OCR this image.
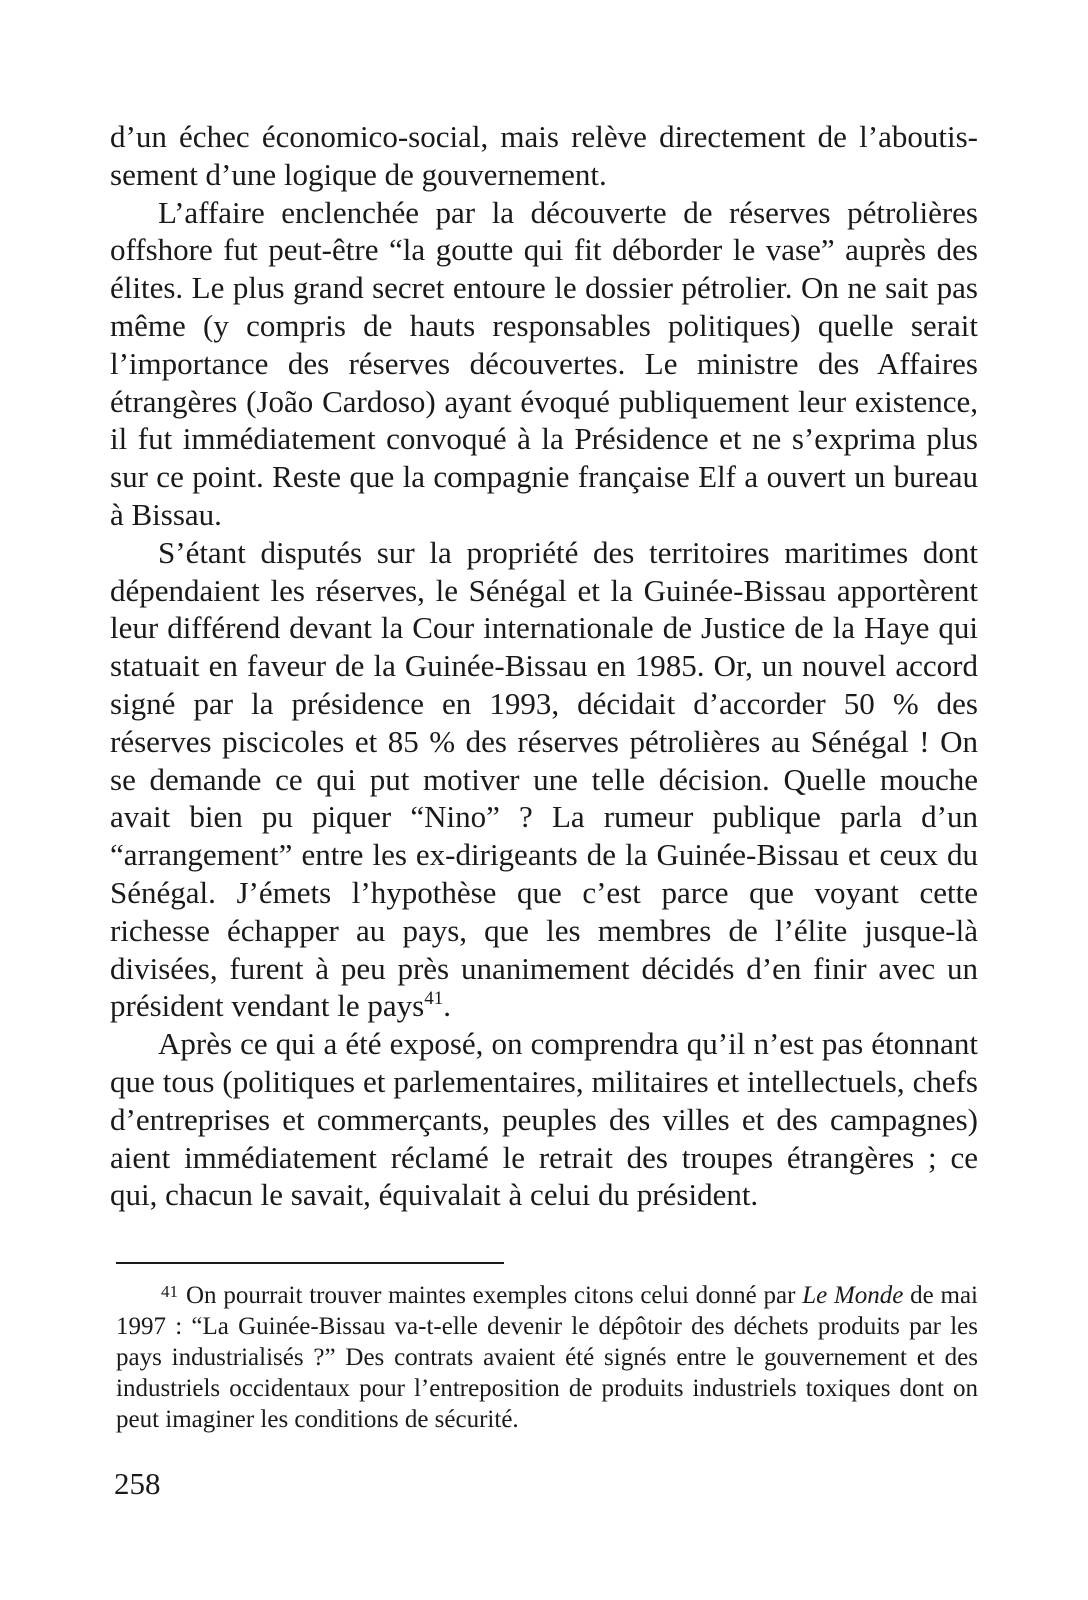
d’un échec économico-social, mais relève directement de l’aboutissement d’une logique de gouvernement.

L’affaire enclenchée par la découverte de réserves pétrolières offshore fut peut-être “la goutte qui fit déborder le vase” auprès des élites. Le plus grand secret entoure le dossier pétrolier. On ne sait pas même (y compris de hauts responsables politiques) quelle serait l’importance des réserves découvertes. Le ministre des Affaires étrangères (João Cardoso) ayant évoqué publiquement leur existence, il fut immédiatement convoqué à la Présidence et ne s’exprima plus sur ce point. Reste que la compagnie française Elf a ouvert un bureau à Bissau.

S’étant disputés sur la propriété des territoires maritimes dont dépendaient les réserves, le Sénégal et la Guinée-Bissau apportèrent leur différend devant la Cour internationale de Justice de la Haye qui statuait en faveur de la Guinée-Bissau en 1985. Or, un nouvel accord signé par la présidence en 1993, décidait d’accorder 50 % des réserves piscicoles et 85 % des réserves pétrolières au Sénégal ! On se demande ce qui put motiver une telle décision. Quelle mouche avait bien pu piquer “Nino” ? La rumeur publique parla d’un “arrangement” entre les ex-dirigeants de la Guinée-Bissau et ceux du Sénégal. J’émets l’hypothèse que c’est parce que voyant cette richesse échapper au pays, que les membres de l’élite jusque-là divisées, furent à peu près unanimement décidés d’en finir avec un président vendant le pays$^{41}$.

Après ce qui a été exposé, on comprendra qu’il n’est pas étonnant que tous (politiques et parlementaires, militaires et intellectuels, chefs d’entreprises et commerçants, peuples des villes et des campagnes) aient immédiatement réclamé le retrait des troupes étrangères ; ce qui, chacun le savait, équivalait à celui du président.

$^{41}$ On pourrait trouver maintes exemples citons celui donné par Le Monde de mai 1997 : “La Guinée-Bissau va-t-elle devenir le dépôtoir des déchets produits par les pays industrialisés ?” Des contrats avaient été signés entre le gouvernement et des industriels occidentaux pour l’entreposition de produits industriels toxiques dont on peut imaginer les conditions de sécurité.
258
